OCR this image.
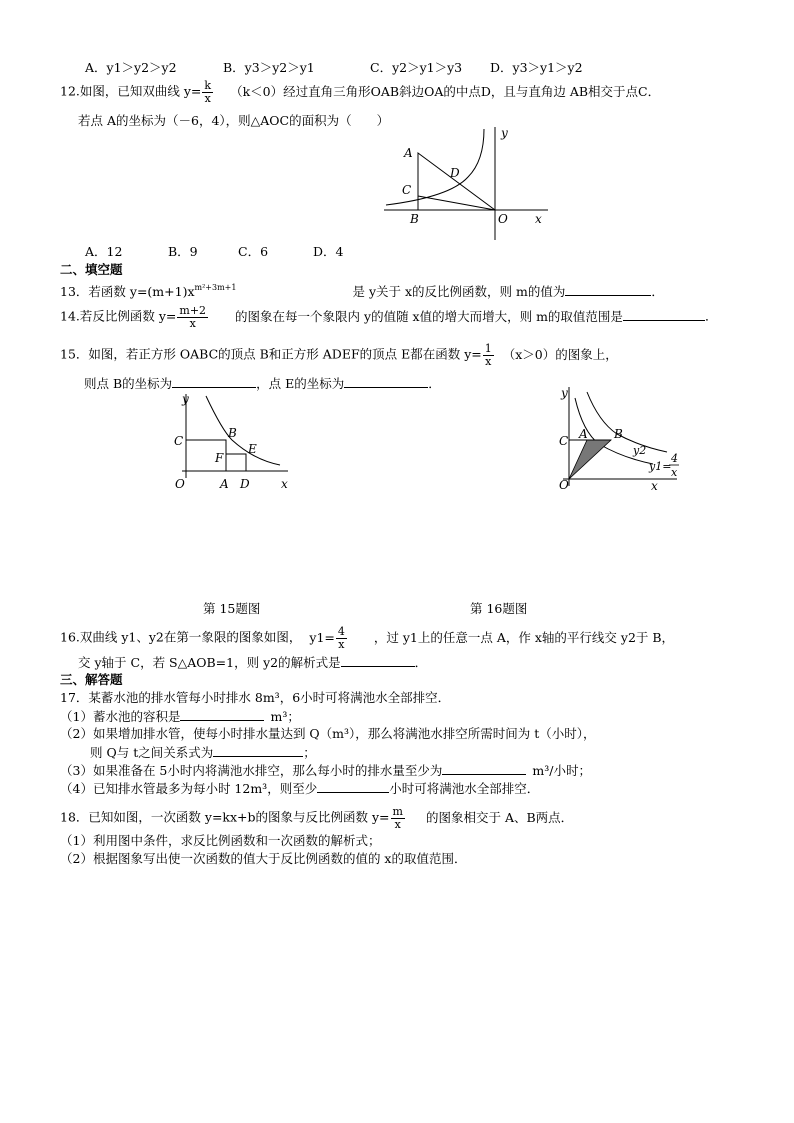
A．y1＞y2＞y2	B．y3＞y2＞y1	C．y2＞y1＞y3 D．y3＞y1＞y2
12.如图，已知双曲线 $y= \frac{k}{x} (k<0)$经过直角三角形OAB斜边OA的中点D，且与直角边 AB相交于点C．
若点 A的坐标为（－6，4），则△AOC的面积为（　　）
y
A
C
D
B	O x
A．12	B．9	C．6	D．4
二、填空题
13．若函数 $y=(m+1)x^{m^2+3m+1}$	是 y关于 x的反比例函数，则 m的值为	．
14.若反比例函数 $y= \frac{m+2}{x}$ 的图象在每一个象限内 y的值随 x值的增大而增大，则 m的取值范围是	．
15．如图，若正方形 OABC的顶点 B和正方形 ADEF的顶点 E都在函数 $y= \frac{1}{x} (x>0)$的图象上，
则点 B的坐标为	，点 E的坐标为	．
y
C
B
E
F
O	A D	x
y
C A B
y2
y1=
4
x
O	x
第 15题图	第 16题图
16.双曲线 y1、y2在第一象限的图象如图， $y1= \frac{4}{x}$ ，过 y1上的任意一点 A，作 x轴的平行线交 y2于 B，
交 y轴于 C，若 S△AOB=1，则 y2的解析式是	．
三、解答题
17．某蓄水池的排水管每小时排水 8m³，6小时可将满池水全部排空．
（1）蓄水池的容积是	m³；
（2）如果增加排水管，使每小时排水量达到 Q（m³），那么将满池水排空所需时间为 t（小时），
则 Q与 t之间关系式为	；
（3）如果准备在 5小时内将满池水排空，那么每小时的排水量至少为	m³/小时；
（4）已知排水管最多为每小时 12m³，则至少	小时可将满池水全部排空．
18．已知如图，一次函数 y=kx+b的图象与反比例函数 $y= \frac{m}{x}$ 的图象相交于 A、B两点．
（1）利用图中条件，求反比例函数和一次函数的解析式；
（2）根据图象写出使一次函数的值大于反比例函数的值的 x的取值范围．
